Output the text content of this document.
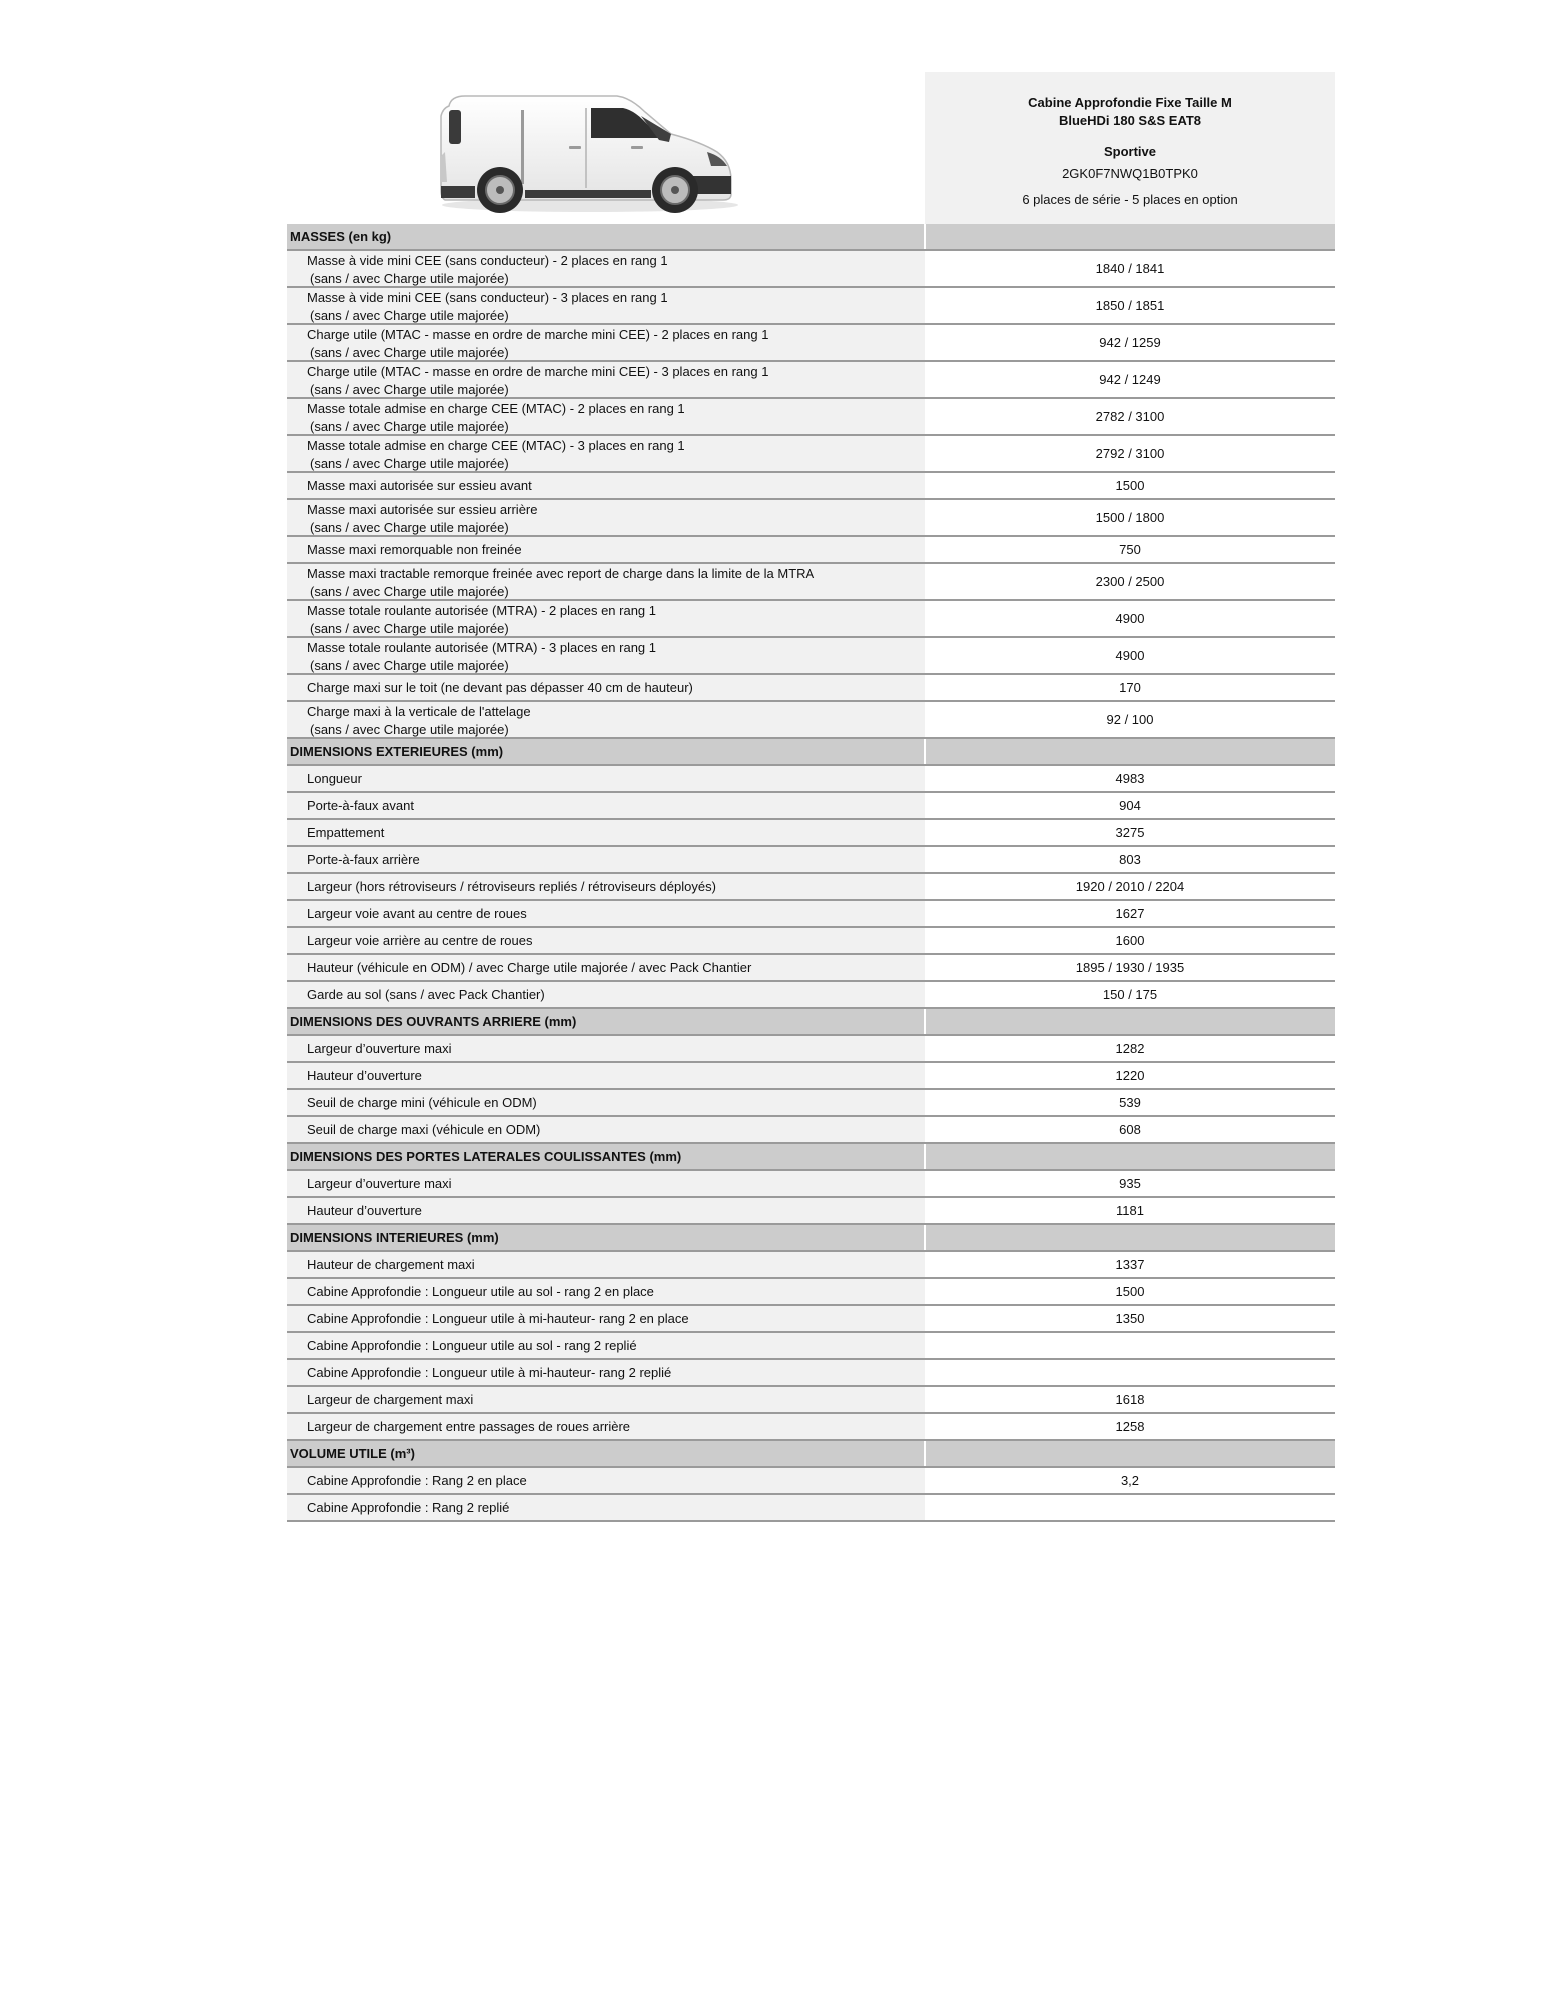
Cabine Approfondie Fixe Taille M
BlueHDi 180 S&S EAT8
Sportive
2GK0F7NWQ1B0TPK0
6 places de série - 5 places en option
MASSES (en kg)
Masse à vide mini CEE (sans conducteur) - 2 places en rang 1
(sans / avec Charge utile majorée)
1840 / 1841
Masse à vide mini CEE (sans conducteur) - 3 places en rang 1
(sans / avec Charge utile majorée)
1850 / 1851
Charge utile (MTAC - masse en ordre de marche mini CEE) - 2 places en rang 1
(sans / avec Charge utile majorée)
942 / 1259
Charge utile (MTAC - masse en ordre de marche mini CEE) - 3 places en rang 1
(sans / avec Charge utile majorée)
942 / 1249
Masse totale admise en charge CEE (MTAC) - 2 places en rang 1
(sans / avec Charge utile majorée)
2782 / 3100
Masse totale admise en charge CEE (MTAC) - 3 places en rang 1
(sans / avec Charge utile majorée)
2792 / 3100
Masse maxi autorisée sur essieu avant	1500
Masse maxi autorisée sur essieu arrière
(sans / avec Charge utile majorée)
1500 / 1800
Masse maxi remorquable non freinée	750
Masse maxi tractable remorque freinée avec report de charge dans la limite de la MTRA
(sans / avec Charge utile majorée)
2300 / 2500
Masse totale roulante autorisée (MTRA) - 2 places en rang 1
(sans / avec Charge utile majorée)
4900
Masse totale roulante autorisée (MTRA) - 3 places en rang 1
(sans / avec Charge utile majorée)
4900
Charge maxi sur le toit (ne devant pas dépasser 40 cm de hauteur)	170
Charge maxi à la verticale de l'attelage
(sans / avec Charge utile majorée)
92 / 100
DIMENSIONS EXTERIEURES (mm)
Longueur	4983
Porte-à-faux avant	904
Empattement	3275
Porte-à-faux arrière	803
Largeur (hors rétroviseurs / rétroviseurs repliés / rétroviseurs déployés)	1920 / 2010 / 2204
Largeur voie avant au centre de roues	1627
Largeur voie arrière au centre de roues	1600
Hauteur (véhicule en ODM) / avec Charge utile majorée / avec Pack Chantier	1895 / 1930 / 1935
Garde au sol (sans / avec Pack Chantier)	150 / 175
DIMENSIONS DES OUVRANTS ARRIERE (mm)
Largeur d’ouverture maxi	1282
Hauteur d’ouverture	1220
Seuil de charge mini (véhicule en ODM)	539
Seuil de charge maxi (véhicule en ODM)	608
DIMENSIONS DES PORTES LATERALES COULISSANTES (mm)
Largeur d’ouverture maxi	935
Hauteur d’ouverture	1181
DIMENSIONS INTERIEURES (mm)
Hauteur de chargement maxi	1337
Cabine Approfondie : Longueur utile au sol - rang 2 en place	1500
Cabine Approfondie : Longueur utile à mi-hauteur- rang 2 en place	1350
Cabine Approfondie : Longueur utile au sol - rang 2 replié
Cabine Approfondie : Longueur utile à mi-hauteur- rang 2 replié
Largeur de chargement maxi	1618
Largeur de chargement entre passages de roues arrière	1258
VOLUME UTILE (m³)
Cabine Approfondie : Rang 2 en place	3,2
Cabine Approfondie : Rang 2 replié
